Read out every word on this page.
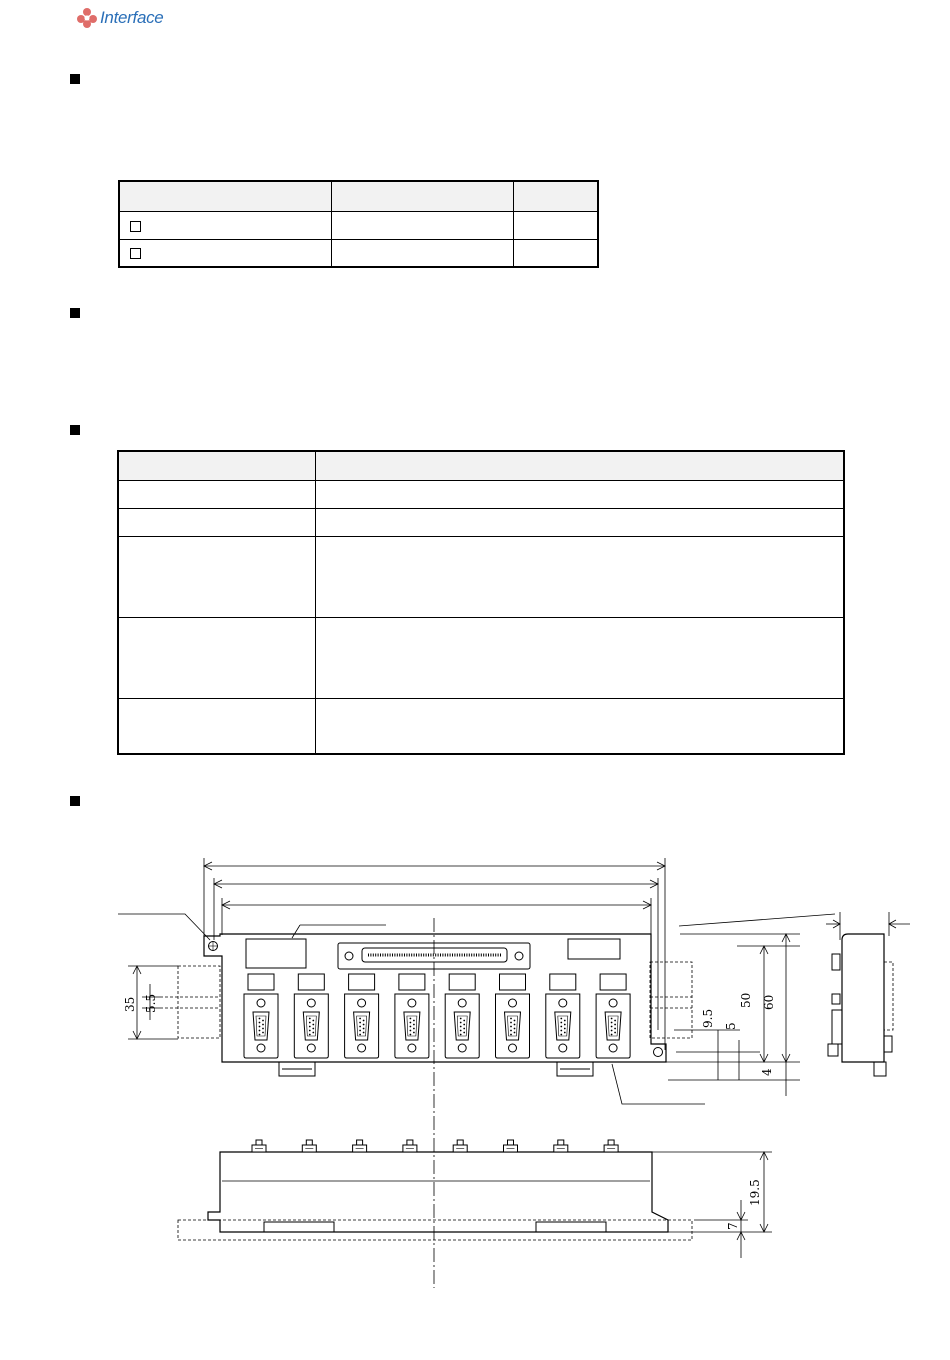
Interface

35 5.5
9.5 5
50 60
4
19.5
7
